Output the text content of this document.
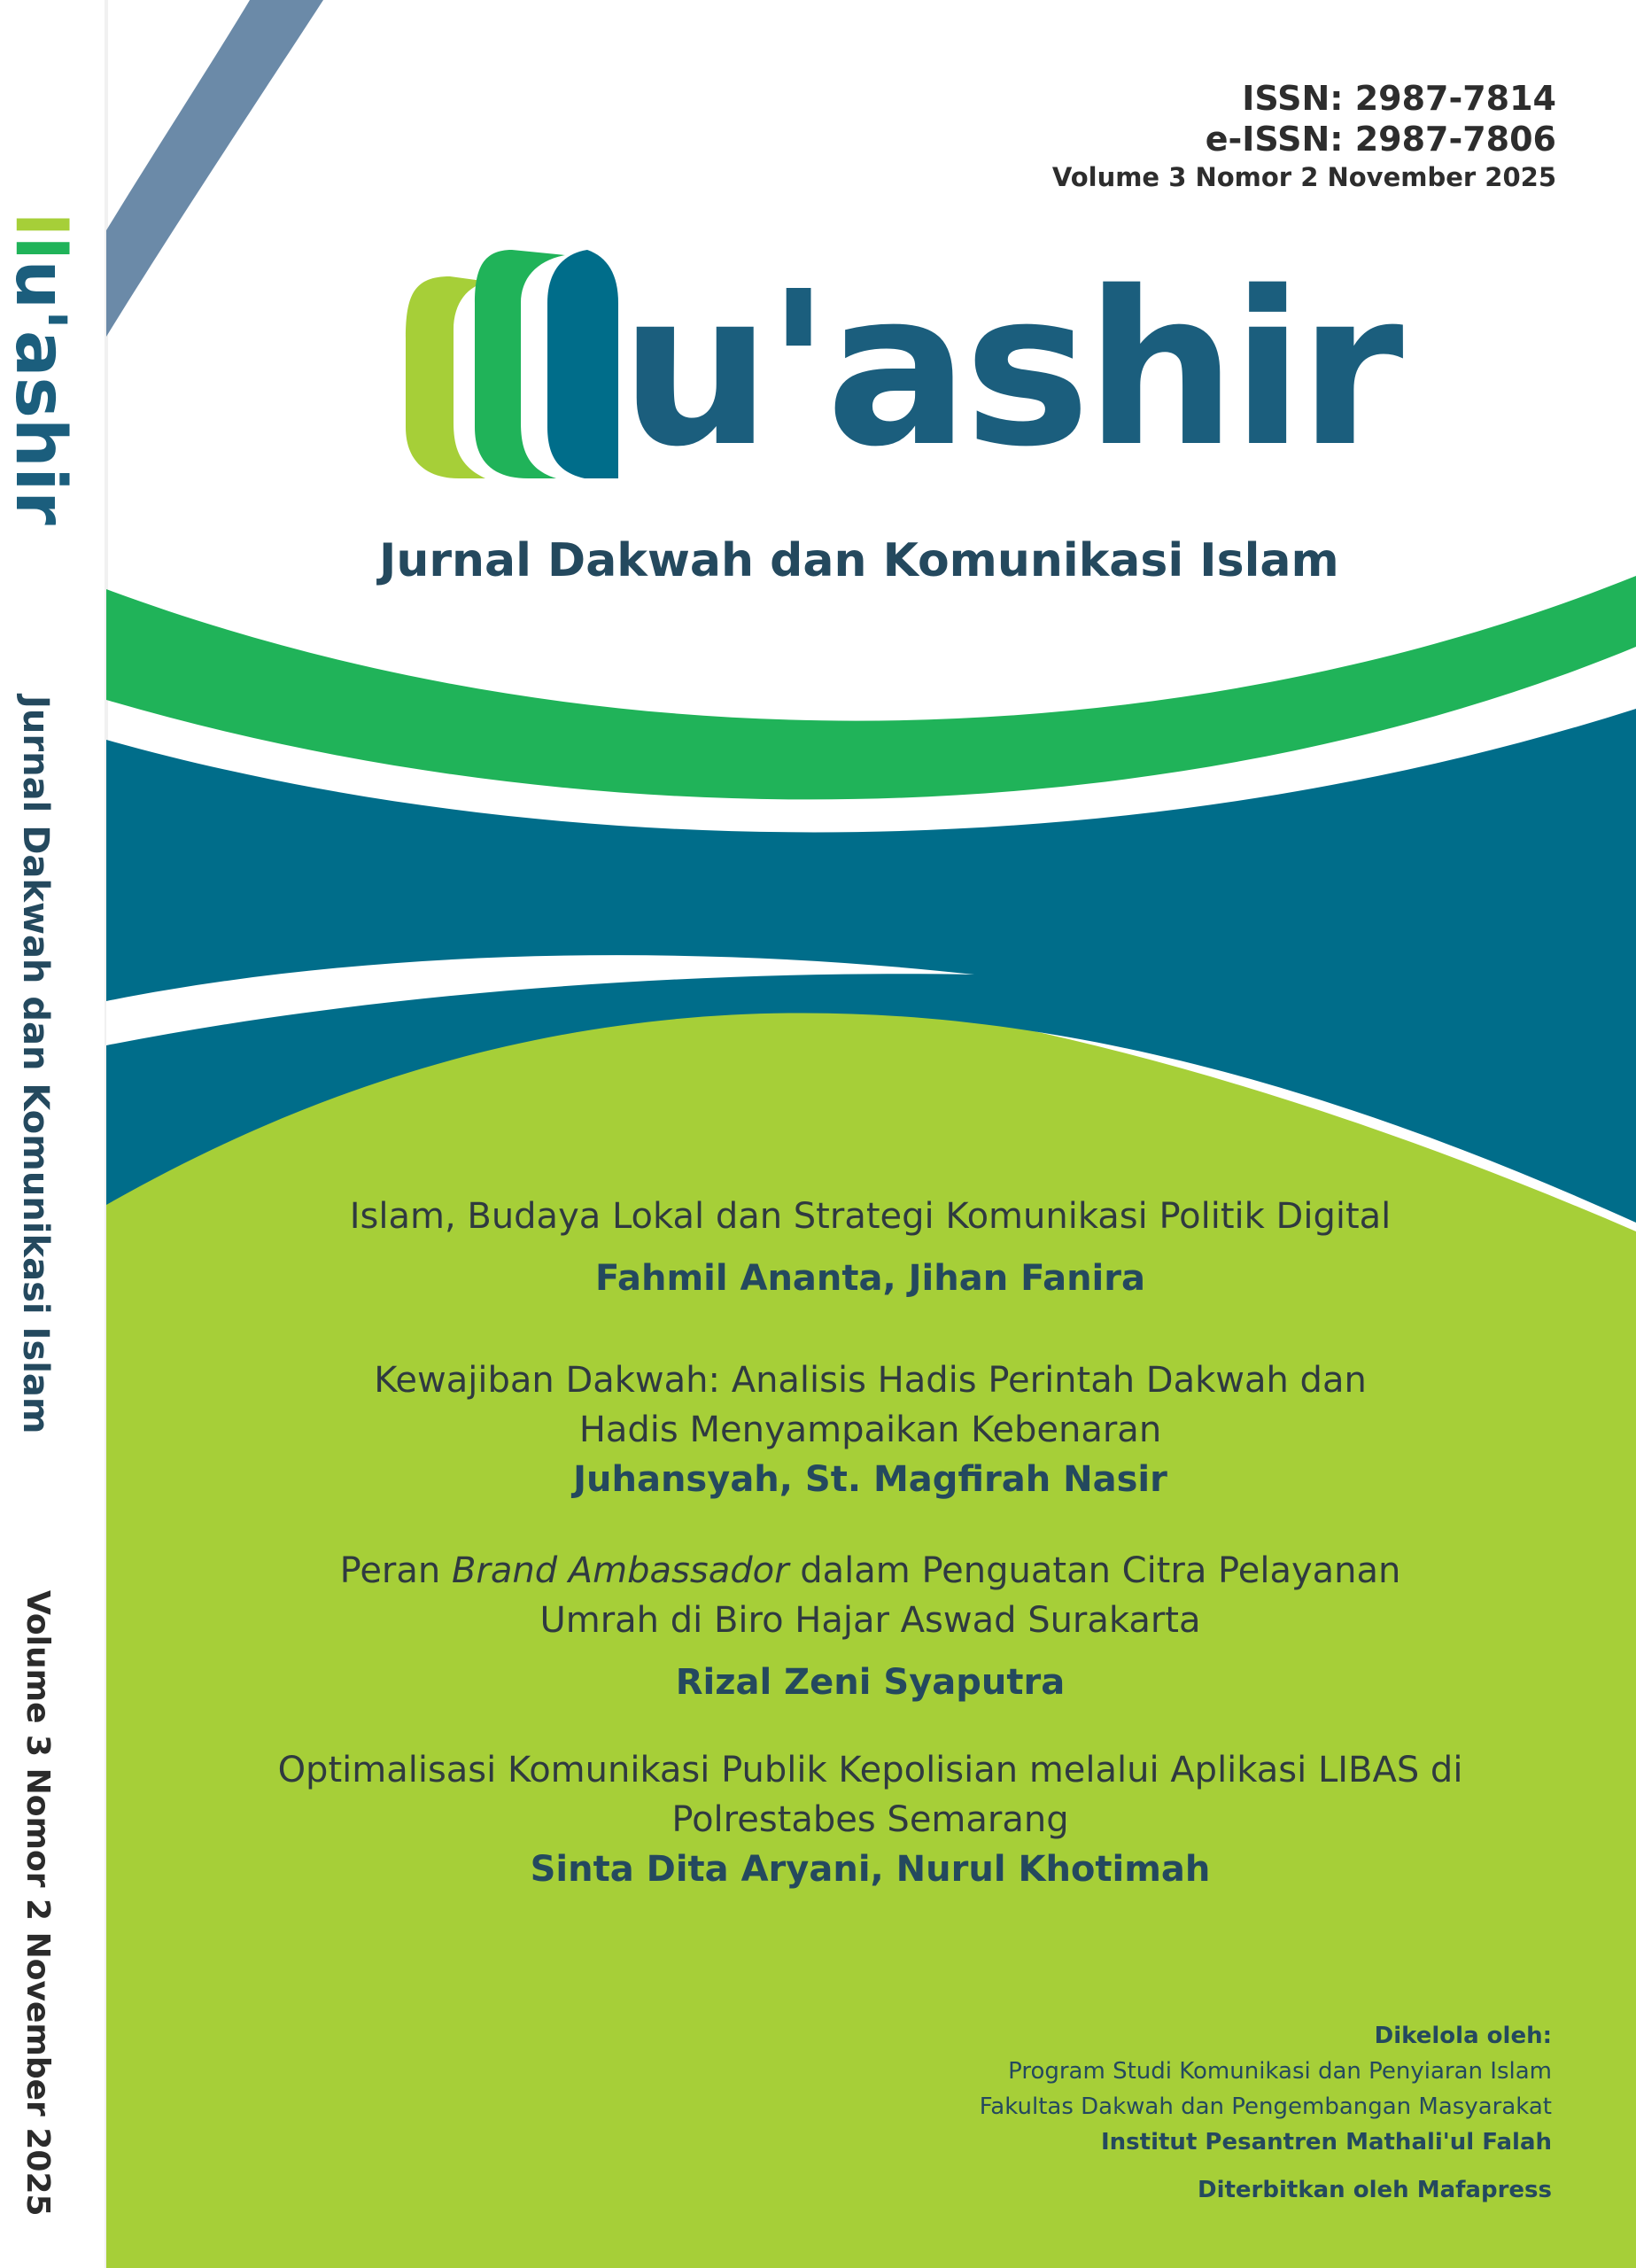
llu'ashir
Jurnal Dakwah dan Komunikasi Islam
Volume 3 Nomor 2 November 2025
ISSN: 2987-7814
e-ISSN: 2987-7806
Volume 3 Nomor 2 November 2025
u'ashir
Jurnal Dakwah dan Komunikasi Islam
Islam, Budaya Lokal dan Strategi Komunikasi Politik Digital
Fahmil Ananta, Jihan Fanira
Kewajiban Dakwah: Analisis Hadis Perintah Dakwah dan
Hadis Menyampaikan Kebenaran
Juhansyah, St. Magfirah Nasir
Peran Brand Ambassador dalam Penguatan Citra Pelayanan
Umrah di Biro Hajar Aswad Surakarta
Rizal Zeni Syaputra
Optimalisasi Komunikasi Publik Kepolisian melalui Aplikasi LIBAS di
Polrestabes Semarang
Sinta Dita Aryani, Nurul Khotimah
Dikelola oleh:
Program Studi Komunikasi dan Penyiaran Islam
Fakultas Dakwah dan Pengembangan Masyarakat
Institut Pesantren Mathali'ul Falah
Diterbitkan oleh Mafapress
